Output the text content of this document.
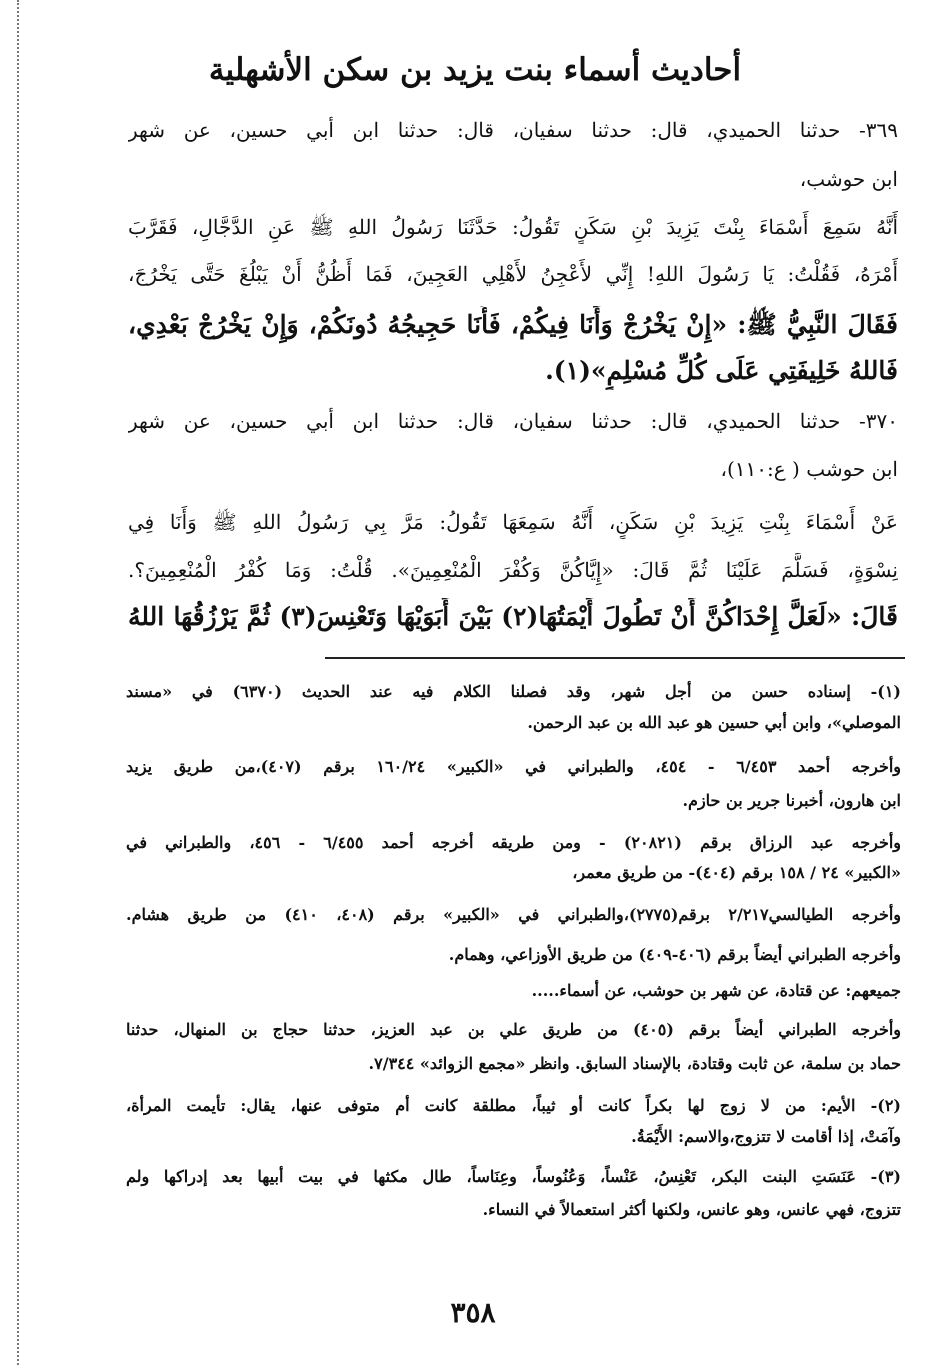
أحاديث أسماء بنت يزيد بن سكن الأشهلية
٣٦٩- حدثنا الحميدي، قال: حدثنا سفيان، قال: حدثنا ابن أبي حسين، عن شهر
ابن حوشب،
أَنَّهُ سَمِعَ أَسْمَاءَ بِنْتَ يَزِيدَ بْنِ سَكَنٍ تَقُولُ: حَدَّثَنَا رَسُولُ اللهِ ﷺ عَنِ الدَّجَّالِ، فَقَرَّبَ
أَمْرَهُ، فَقُلْتُ: يَا رَسُولَ اللهِ! إِنِّي لأَعْجِنُ لأَهْلِي العَجِينَ، فَمَا أَظُنُّ أَنْ يَبْلُغَ حَتَّى يَخْرُجَ،
فَقَالَ النَّبِيُّ ﷺ: «إِنْ يَخْرُجْ وَأَنَا فِيكُمْ، فَأَنَا حَجِيجُهُ دُونَكُمْ، وَإِنْ يَخْرُجْ بَعْدِي،
فَاللهُ خَلِيفَتِي عَلَى كُلِّ مُسْلِمٍ»(١).
٣٧٠- حدثنا الحميدي، قال: حدثنا سفيان، قال: حدثنا ابن أبي حسين، عن شهر
ابن حوشب ( ع:١١٠)،
عَنْ أَسْمَاءَ بِنْتِ يَزِيدَ بْنِ سَكَنٍ، أَنَّهُ سَمِعَهَا تَقُولُ: مَرَّ بِي رَسُولُ اللهِ ﷺ وَأَنَا فِي
نِسْوَةٍ، فَسَلَّمَ عَلَيْنَا ثُمَّ قَالَ: «إِيَّاكُنَّ وَكُفْرَ الْمُنْعِمِينَ». قُلْتُ: وَمَا كُفْرُ الْمُنْعِمِينَ؟.
قَالَ: «لَعَلَّ إِحْدَاكُنَّ أَنْ تَطُولَ أَيْمَتُهَا(٢) بَيْنَ أَبَوَيْهَا وَتَعْنِسَ(٣) ثُمَّ يَرْزُقُهَا اللهُ
(١)- إسناده حسن من أجل شهر، وقد فصلنا الكلام فيه عند الحديث (٦٣٧٠) في «مسند
الموصلي»، وابن أبي حسين هو عبد الله بن عبد الرحمن.
وأخرجه أحمد ٦/٤٥٣ - ٤٥٤، والطبراني في «الكبير» ١٦٠/٢٤ برقم (٤٠٧)،من طريق يزيد
ابن هارون، أخبرنا جرير بن حازم.
وأخرجه عبد الرزاق برقم (٢٠٨٢١) - ومن طريقه أخرجه أحمد ٦/٤٥٥ - ٤٥٦، والطبراني في
«الكبير» ٢٤ / ١٥٨ برقم (٤٠٤)- من طريق معمر،
وأخرجه الطيالسي٢/٢١٧ برقم(٢٧٧٥)،والطبراني في «الكبير» برقم (٤٠٨، ٤١٠) من طريق هشام.
وأخرجه الطبراني أيضاً برقم (٤٠٦-٤٠٩) من طريق الأوزاعي، وهمام.
جميعهم: عن قتادة، عن شهر بن حوشب، عن أسماء.....
وأخرجه الطبراني أيضاً برقم (٤٠٥) من طريق علي بن عبد العزيز، حدثنا حجاج بن المنهال، حدثنا
حماد بن سلمة، عن ثابت وقتادة، بالإسناد السابق. وانظر «مجمع الزوائد» ٧/٣٤٤.
(٢)- الأيم: من لا زوج لها بكراً كانت أو ثيباً، مطلقة كانت أم متوفى عنها، يقال: تأيمت المرأة،
وآمَتْ، إذا أقامت لا تتزوج،والاسم: الأَيْمَةُ.
(٣)- عَنَسَتِ البنت البكر، تَعْنِسُ، عَنْساً، وَعُنُوساً، وعِنَاساً، طال مكثها في بيت أبيها بعد إدراكها ولم
تتزوج، فهي عانس، وهو عانس، ولكنها أكثر استعمالاً في النساء.
٣٥٨
